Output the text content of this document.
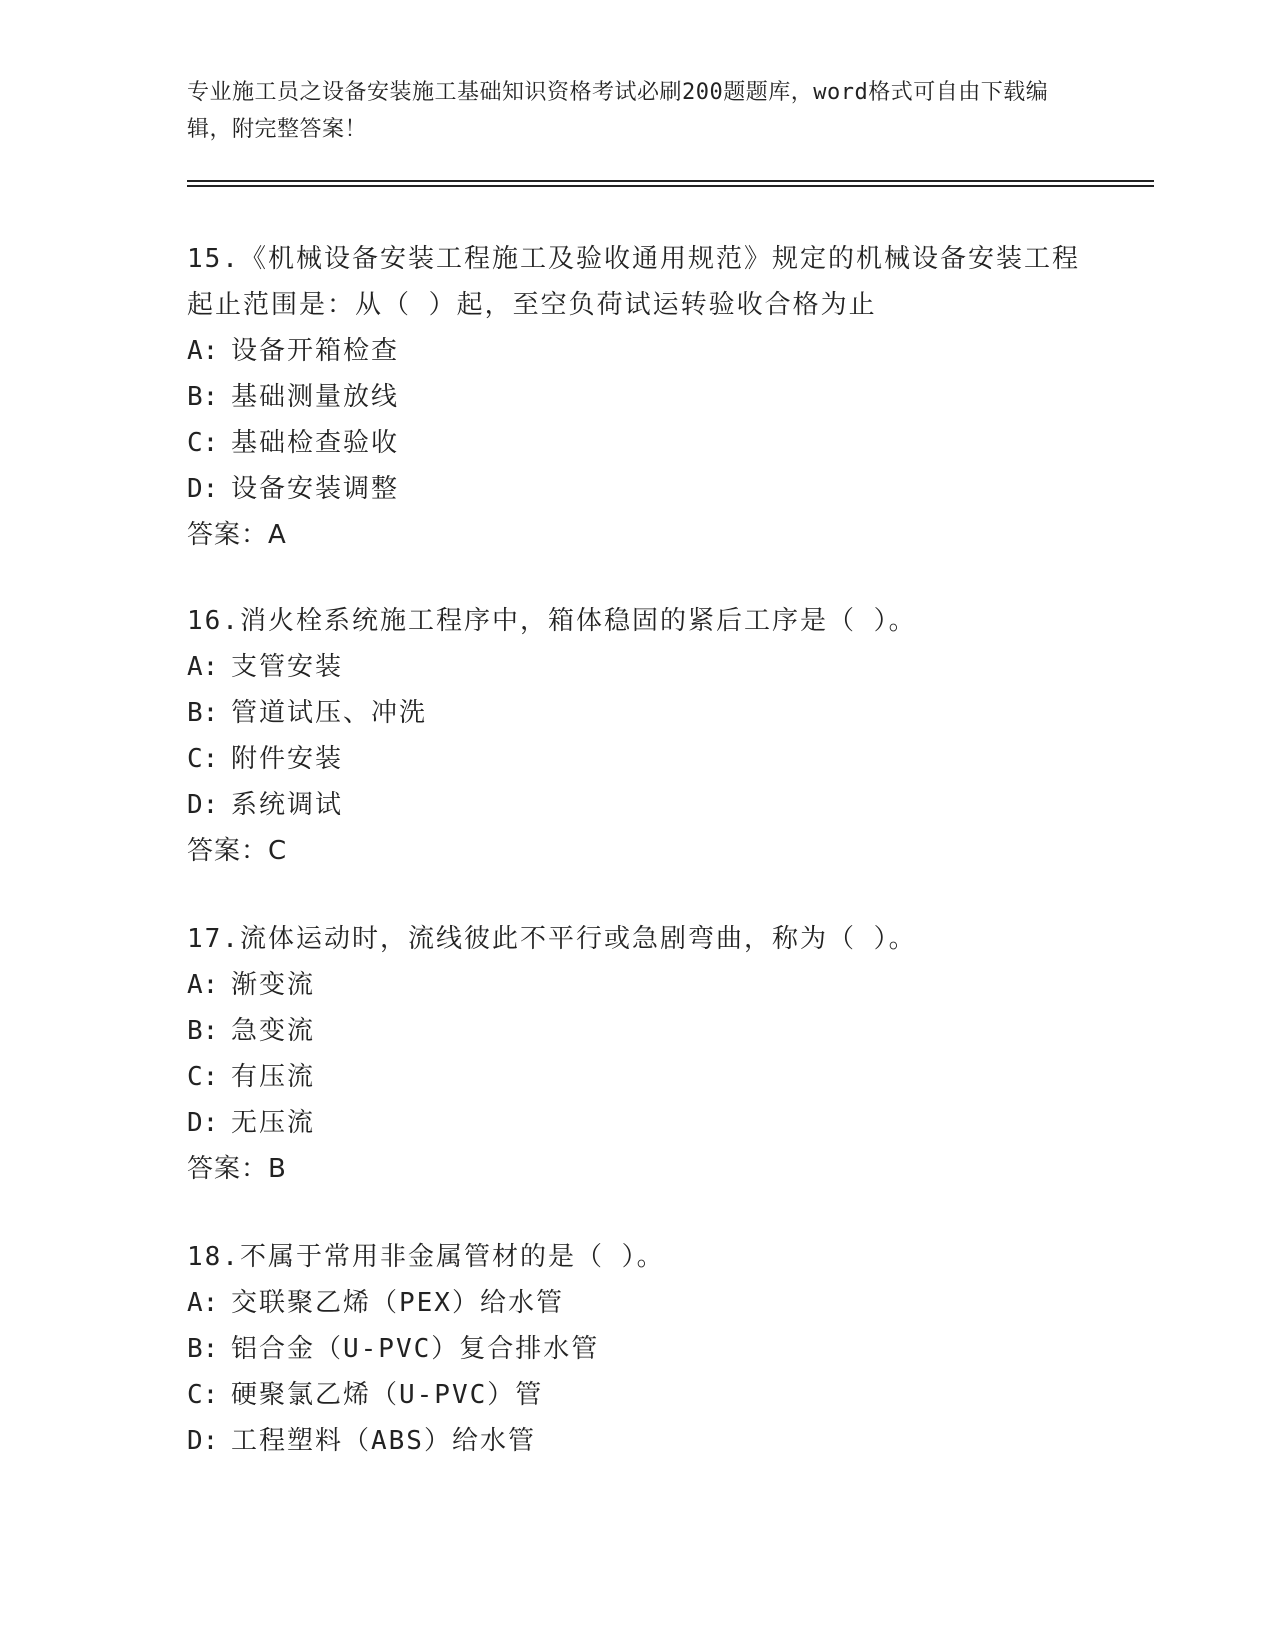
专业施工员之设备安装施工基础知识资格考试必刷200题题库，word格式可自由下载编辑，附完整答案！

15.《机械设备安装工程施工及验收通用规范》规定的机械设备安装工程起止范围是：从（ ）起，至空负荷试运转验收合格为止

A: 设备开箱检查

B: 基础测量放线

C: 基础检查验收

D: 设备安装调整

答案：A

16.消火栓系统施工程序中，箱体稳固的紧后工序是（ ）。

A: 支管安装

B: 管道试压、冲洗

C: 附件安装

D: 系统调试

答案：C

17.流体运动时，流线彼此不平行或急剧弯曲，称为（ ）。

A: 渐变流

B: 急变流

C: 有压流

D: 无压流

答案：B

18.不属于常用非金属管材的是（ ）。

A: 交联聚乙烯（PEX）给水管

B: 铝合金（U-PVC）复合排水管

C: 硬聚氯乙烯（U-PVC）管

D: 工程塑料（ABS）给水管
